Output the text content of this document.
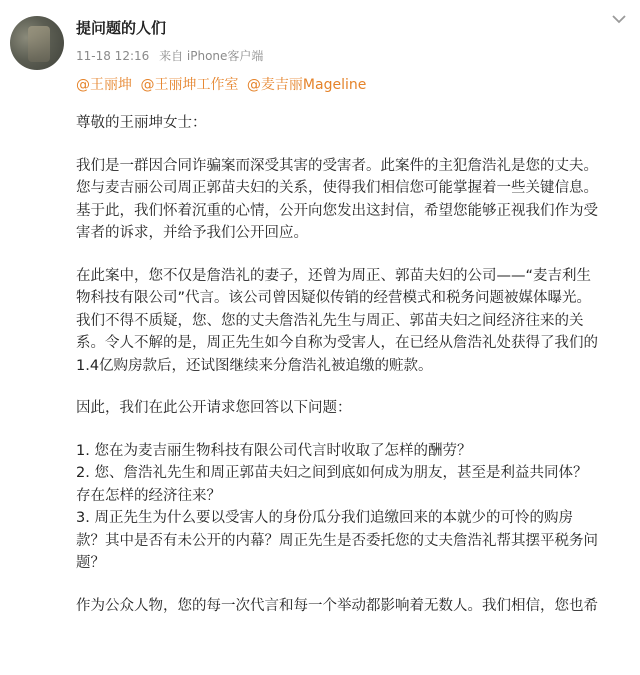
提问题的人们
11-18 12:16 来自 iPhone客户端
@王丽坤 @王丽坤工作室 @麦吉丽Mageline

尊敬的王丽坤女士：

我们是一群因合同诈骗案而深受其害的受害者。此案件的主犯詹浩礼是您的丈夫。
您与麦吉丽公司周正郭苗夫妇的关系，使得我们相信您可能掌握着一些关键信息。
基于此，我们怀着沉重的心情，公开向您发出这封信，希望您能够正视我们作为受
害者的诉求，并给予我们公开回应。

在此案中，您不仅是詹浩礼的妻子，还曾为周正、郭苗夫妇的公司——“麦吉利生
物科技有限公司”代言。该公司曾因疑似传销的经营模式和税务问题被媒体曝光。
我们不得不质疑，您、您的丈夫詹浩礼先生与周正、郭苗夫妇之间经济往来的关
系。令人不解的是，周正先生如今自称为受害人，在已经从詹浩礼处获得了我们的
1.4亿购房款后，还试图继续来分詹浩礼被追缴的赃款。

因此，我们在此公开请求您回答以下问题：

1. 您在为麦吉丽生物科技有限公司代言时收取了怎样的酬劳？

2. 您、詹浩礼先生和周正郭苗夫妇之间到底如何成为朋友，甚至是利益共同体？
存在怎样的经济往来？

3. 周正先生为什么要以受害人的身份瓜分我们追缴回来的本就少的可怜的购房
款？其中是否有未公开的内幕？周正先生是否委托您的丈夫詹浩礼帮其摆平税务问
题？

作为公众人物，您的每一次代言和每一个举动都影响着无数人。我们相信，您也希
